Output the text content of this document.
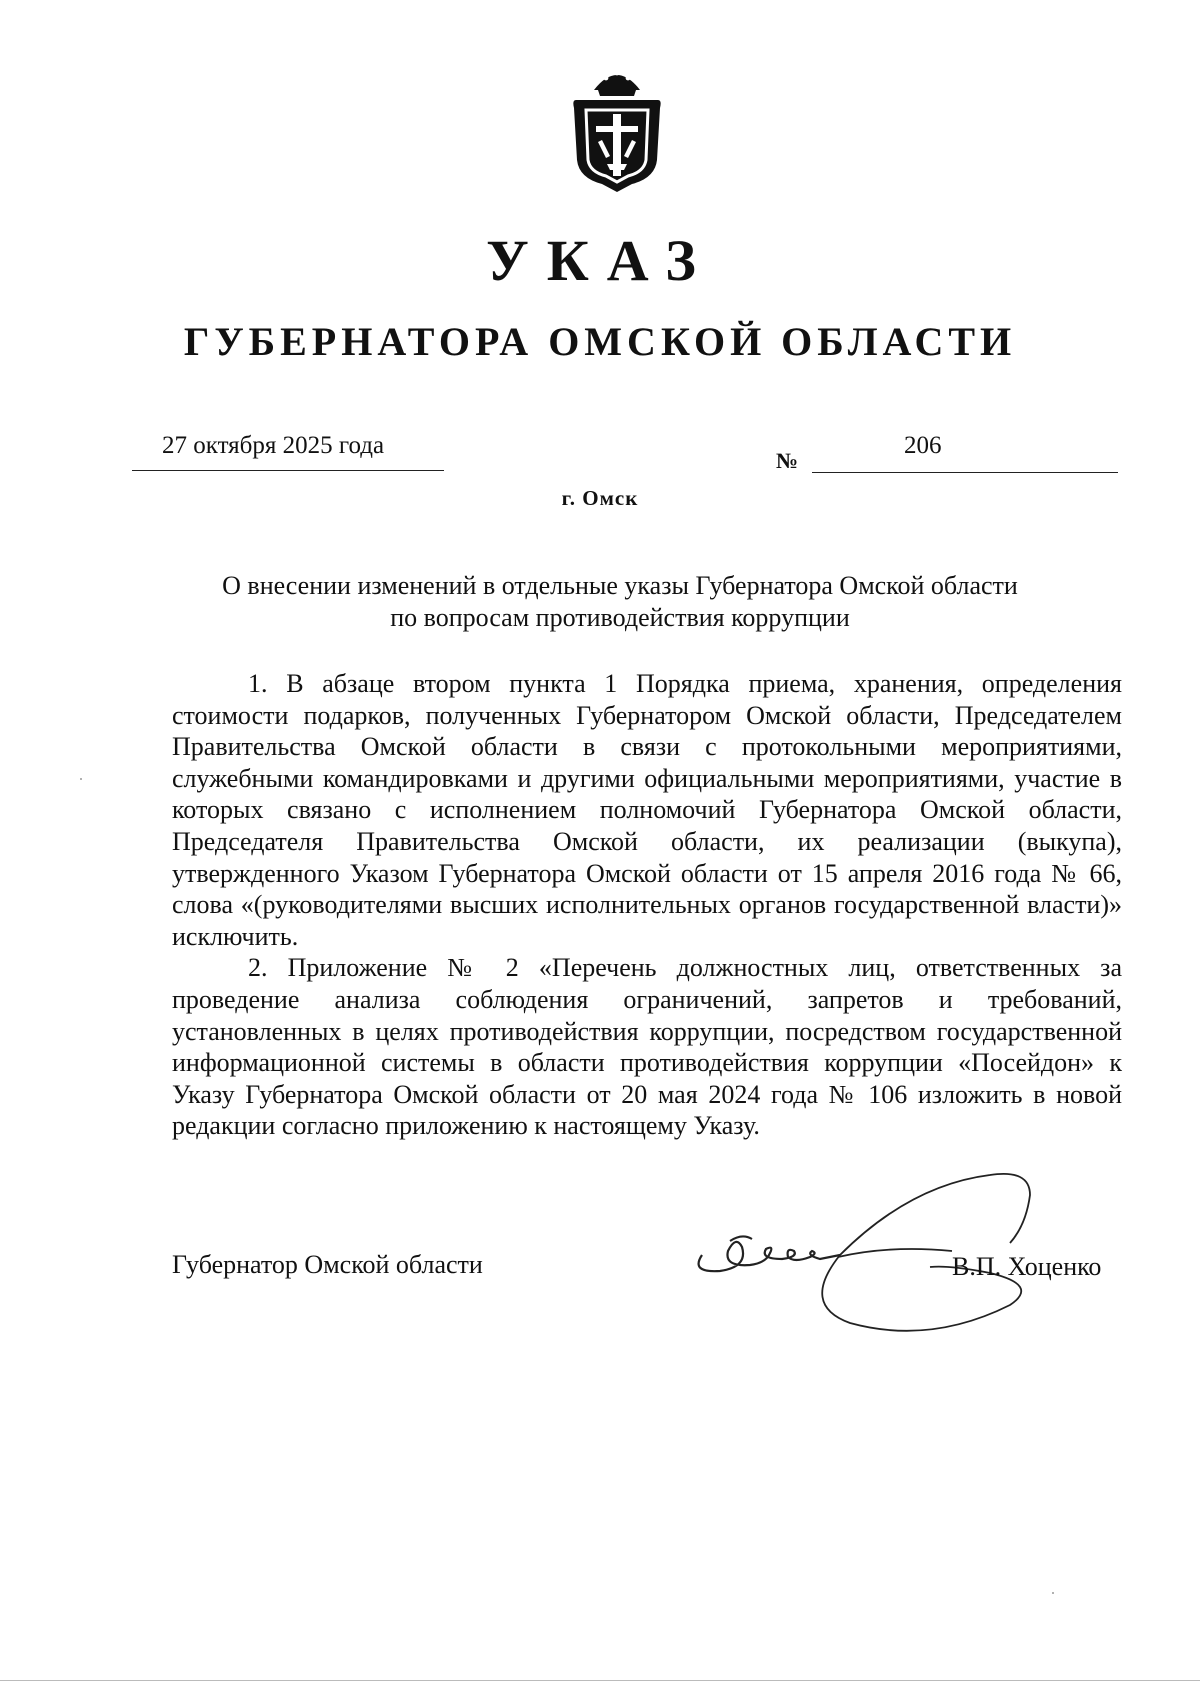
УКАЗ
ГУБЕРНАТОРА ОМСКОЙ ОБЛАСТИ
27 октября 2025 года
№
206
г. Омск
О внесении изменений в отдельные указы Губернатора Омской области
по вопросам противодействия коррупции

1. В абзаце втором пункта 1 Порядка приема, хранения, определения стоимости подарков, полученных Губернатором Омской области, Председателем Правительства Омской области в связи с протокольными мероприятиями, служебными командировками и другими официальными мероприятиями, участие в которых связано с исполнением полномочий Губернатора Омской области, Председателя Правительства Омской области, их реализации (выкупа), утвержденного Указом Губернатора Омской области от 15 апреля 2016 года № 66, слова «(руководителями высших исполнительных органов государственной власти)» исключить.

2. Приложение № 2 «Перечень должностных лиц, ответственных за проведение анализа соблюдения ограничений, запретов и требований, установленных в целях противодействия коррупции, посредством государственной информационной системы в области противодействия коррупции «Посейдон» к Указу Губернатора Омской области от 20 мая 2024 года № 106 изложить в новой редакции согласно приложению к настоящему Указу.

Губернатор Омской области	В.П. Хоценко
